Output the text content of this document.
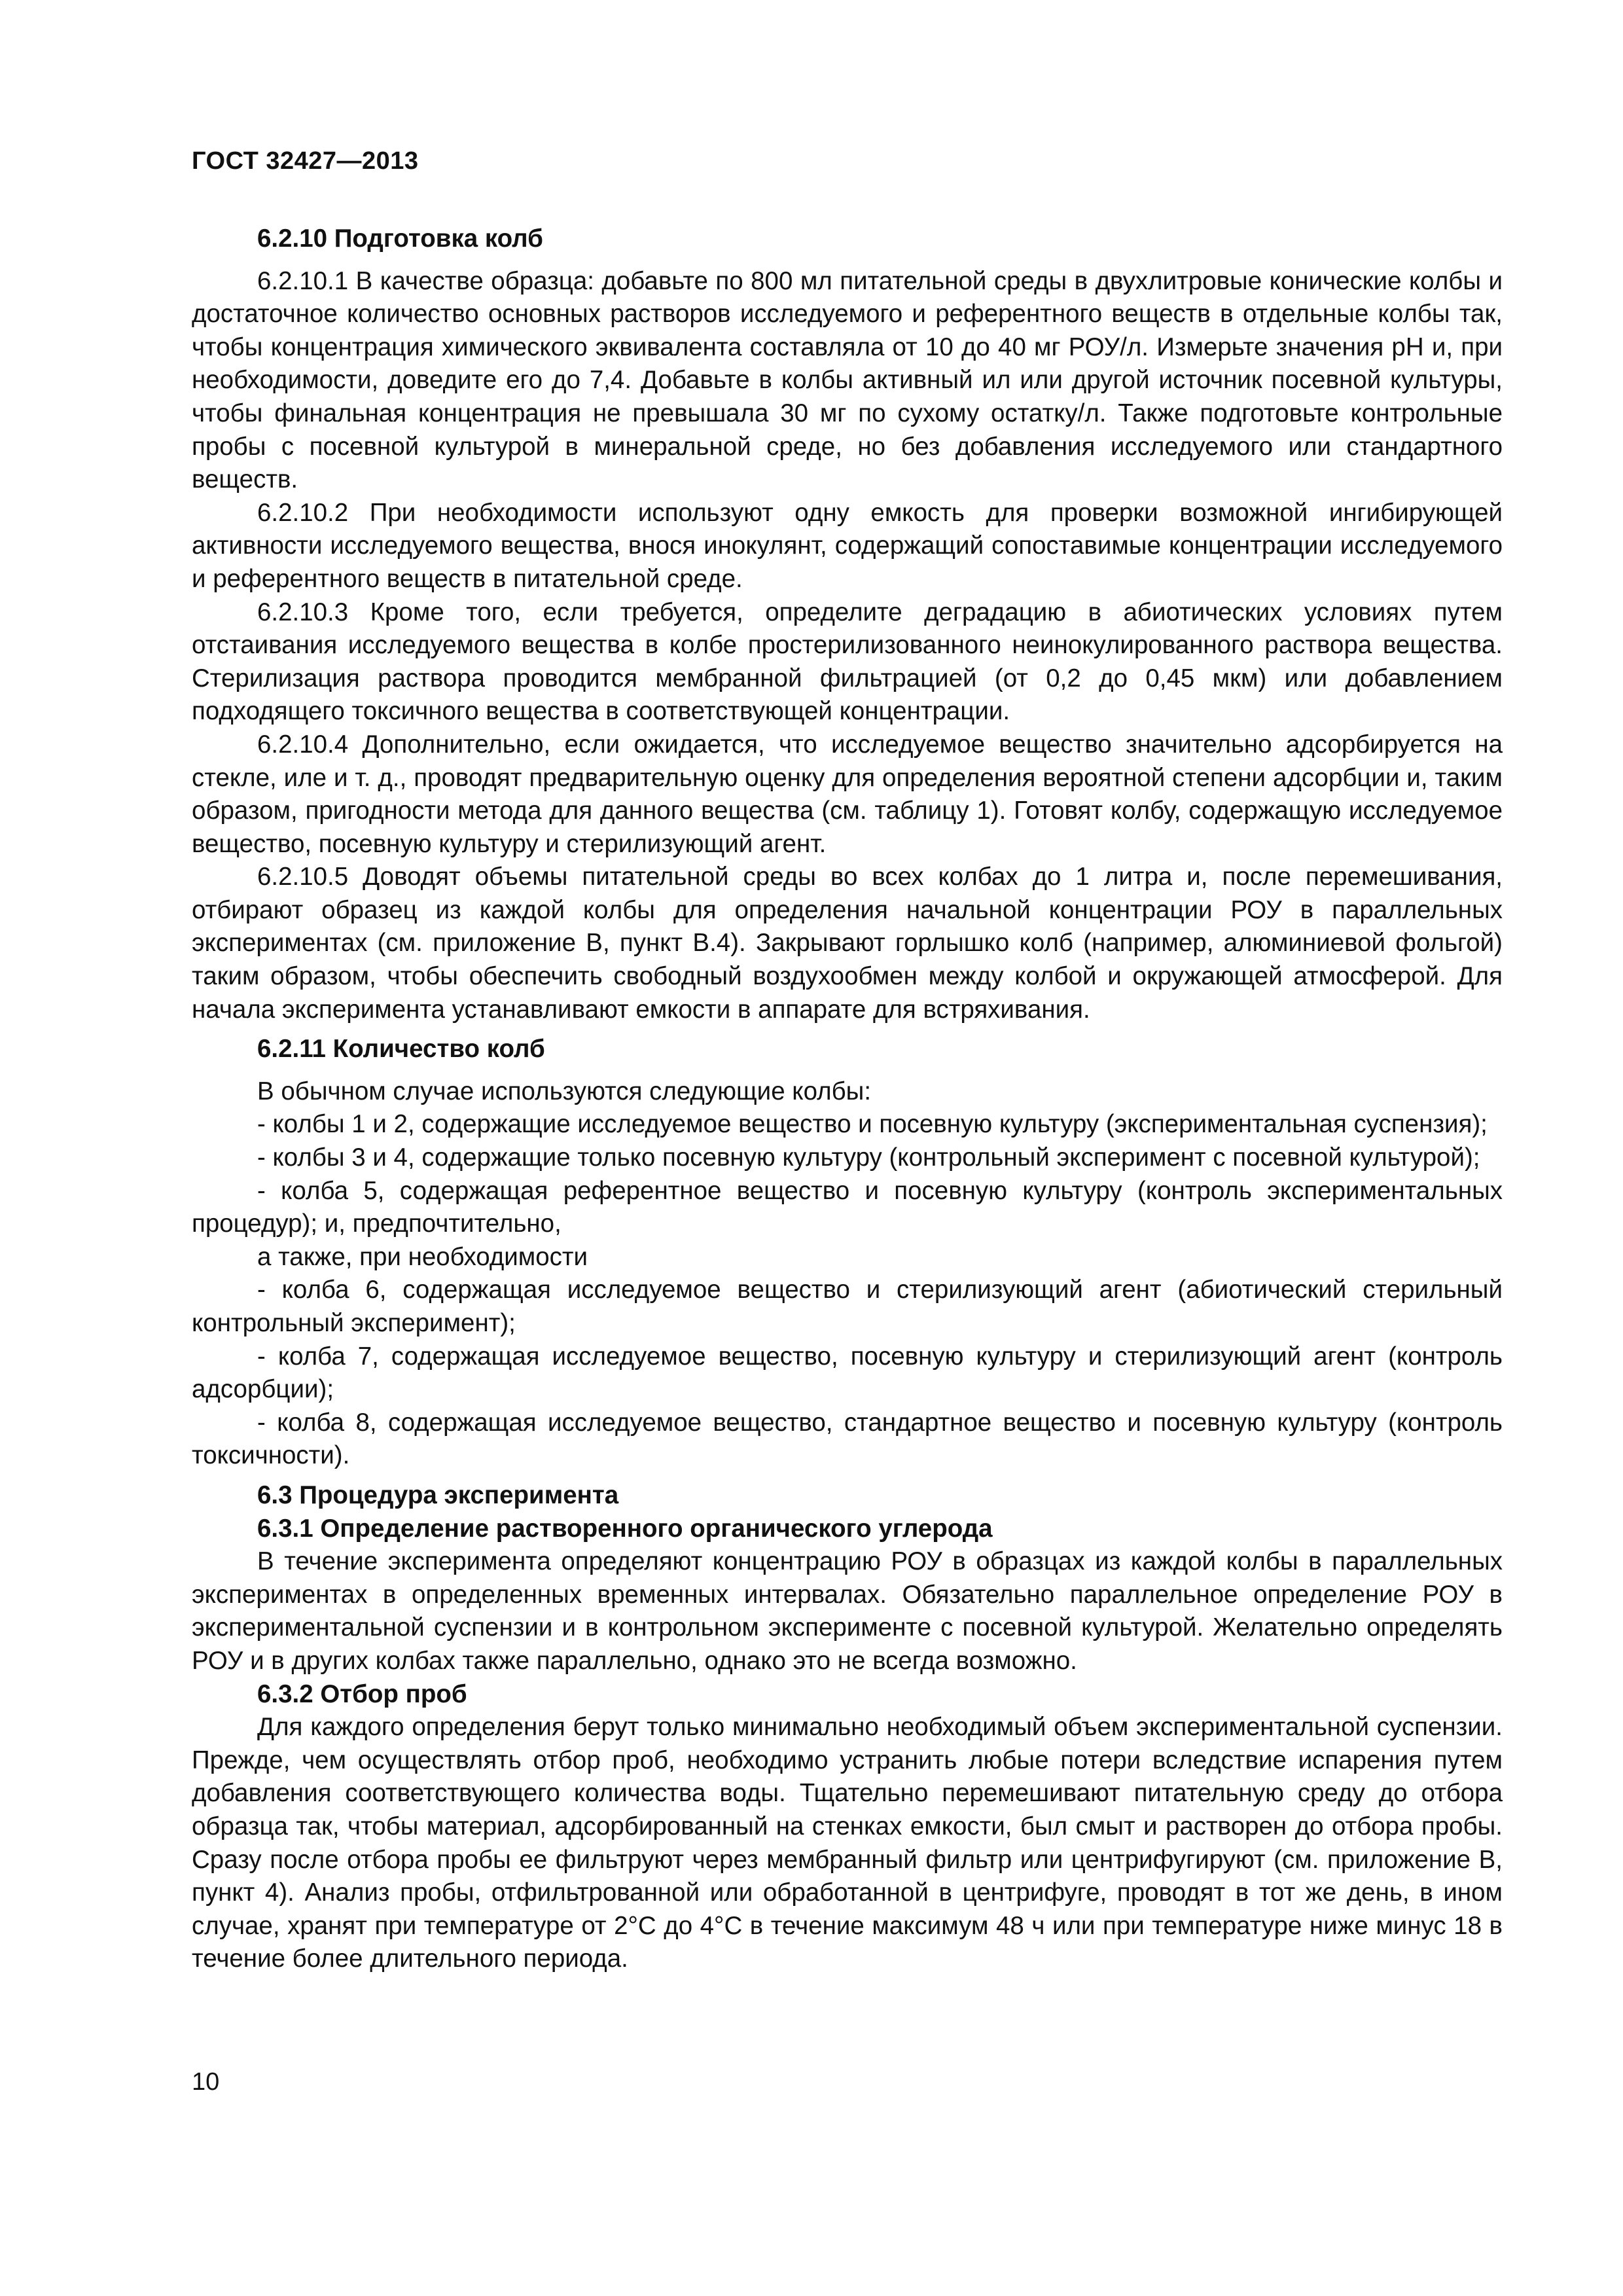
ГОСТ 32427—2013
6.2.10 Подготовка колб

6.2.10.1 В качестве образца: добавьте по 800 мл питательной среды в двухлитровые конические колбы и достаточное количество основных растворов исследуемого и референтного веществ в отдельные колбы так, чтобы концентрация химического эквивалента составляла от 10 до 40 мг РОУ/л. Измерьте значения pH и, при необходимости, доведите его до 7,4. Добавьте в колбы активный ил или другой источник посевной культуры, чтобы финальная концентрация не превышала 30 мг по сухому остатку/л. Также подготовьте контрольные пробы с посевной культурой в минеральной среде, но без добавления исследуемого или стандартного веществ.

6.2.10.2 При необходимости используют одну емкость для проверки возможной ингибирующей активности исследуемого вещества, внося инокулянт, содержащий сопоставимые концентрации исследуемого и референтного веществ в питательной среде.

6.2.10.3 Кроме того, если требуется, определите деградацию в абиотических условиях путем отстаивания исследуемого вещества в колбе простерилизованного неинокулированного раствора вещества. Стерилизация раствора проводится мембранной фильтрацией (от 0,2 до 0,45 мкм) или добавлением подходящего токсичного вещества в соответствующей концентрации.

6.2.10.4 Дополнительно, если ожидается, что исследуемое вещество значительно адсорбируется на стекле, иле и т. д., проводят предварительную оценку для определения вероятной степени адсорбции и, таким образом, пригодности метода для данного вещества (см. таблицу 1). Готовят колбу, содержащую исследуемое вещество, посевную культуру и стерилизующий агент.

6.2.10.5 Доводят объемы питательной среды во всех колбах до 1 литра и, после перемешивания, отбирают образец из каждой колбы для определения начальной концентрации РОУ в параллельных экспериментах (см. приложение В, пункт В.4). Закрывают горлышко колб (например, алюминиевой фольгой) таким образом, чтобы обеспечить свободный воздухообмен между колбой и окружающей атмосферой. Для начала эксперимента устанавливают емкости в аппарате для встряхивания.

6.2.11 Количество колб

В обычном случае используются следующие колбы:

- колбы 1 и 2, содержащие исследуемое вещество и посевную культуру (экспериментальная суспензия);

- колбы 3 и 4, содержащие только посевную культуру (контрольный эксперимент с посевной культурой);

- колба 5, содержащая референтное вещество и посевную культуру (контроль экспериментальных процедур); и, предпочтительно,

а также, при необходимости

- колба 6, содержащая исследуемое вещество и стерилизующий агент (абиотический стерильный контрольный эксперимент);

- колба 7, содержащая исследуемое вещество, посевную культуру и стерилизующий агент (контроль адсорбции);

- колба 8, содержащая исследуемое вещество, стандартное вещество и посевную культуру (контроль токсичности).

6.3 Процедура эксперимента
6.3.1 Определение растворенного органического углерода

В течение эксперимента определяют концентрацию РОУ в образцах из каждой колбы в параллельных экспериментах в определенных временных интервалах. Обязательно параллельное определение РОУ в экспериментальной суспензии и в контрольном эксперименте с посевной культурой. Желательно определять РОУ и в других колбах также параллельно, однако это не всегда возможно.

6.3.2 Отбор проб

Для каждого определения берут только минимально необходимый объем экспериментальной суспензии. Прежде, чем осуществлять отбор проб, необходимо устранить любые потери вследствие испарения путем добавления соответствующего количества воды. Тщательно перемешивают питательную среду до отбора образца так, чтобы материал, адсорбированный на стенках емкости, был смыт и растворен до отбора пробы. Сразу после отбора пробы ее фильтруют через мембранный фильтр или центрифугируют (см. приложение В, пункт 4). Анализ пробы, отфильтрованной или обработанной в центрифуге, проводят в тот же день, в ином случае, хранят при температуре от 2°С до 4°С в течение максимум 48 ч или при температуре ниже минус 18 в течение более длительного периода.

10
